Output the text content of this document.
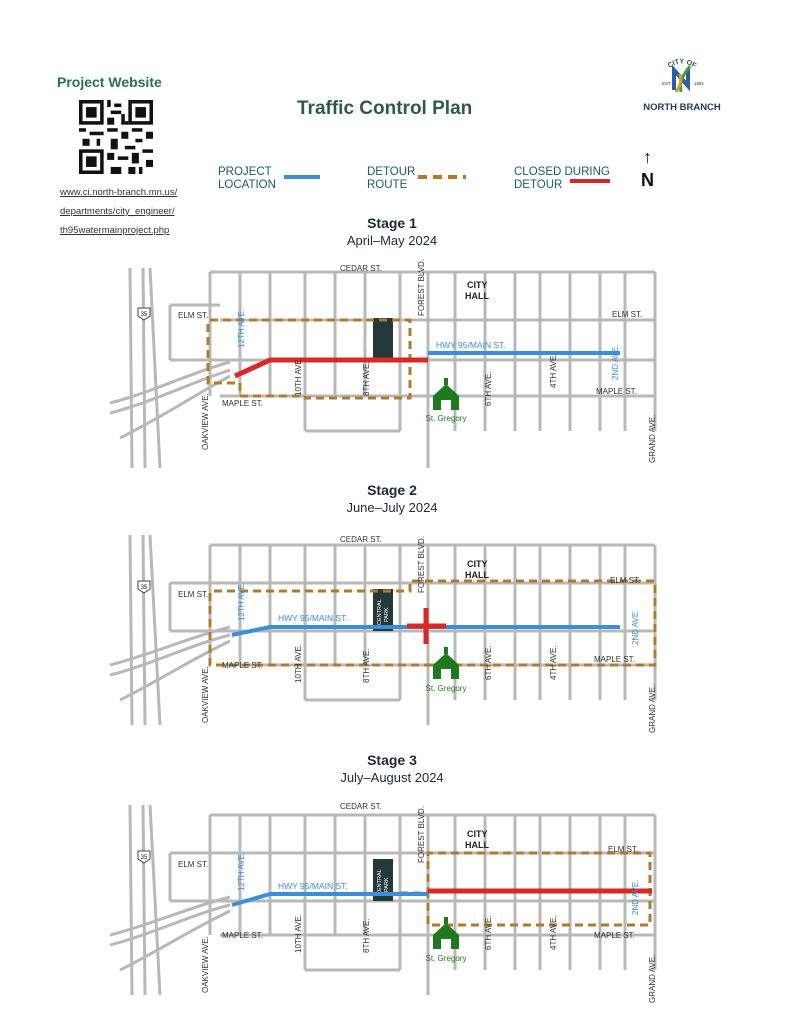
Project Website
www.ci.north-branch.mn.us/
departments/city_engineer/
th95watermainproject.php
Traffic Control Plan
CITY OF
EST.	1881
NORTH BRANCH
PROJECT
LOCATION
DETOUR
ROUTE
CLOSED DURING
DETOUR
↑
N
Stage 1
April–May 2024
Stage 2
June–July 2024
Stage 3
July–August 2024
35
CENTRAL PARK
St. Gregory
CEDAR ST.
ELM ST.	ELM ST.
MAPLE ST.
MAPLE ST.
HWY 95/MAIN ST.
CITY
HALL
OAKVIEW AVE.
12TH AVE.
10TH AVE.	8TH AVE.
FOREST BLVD.
6TH AVE.
4TH AVE.	2ND AVE.
GRAND AVE.
35
CENTRAL PARK
St. Gregory
CEDAR ST.
ELM ST.
ELM ST.
MAPLE ST.
MAPLE ST.
HWY 95/MAIN ST.
CITY
HALL
OAKVIEW AVE.
12TH AVE.
10TH AVE.	8TH AVE.
FOREST BLVD.
6TH AVE.	4TH AVE.
2ND AVE.
GRAND AVE.
35
CENTRAL PARK
St. Gregory
CEDAR ST.
ELM ST.
ELM ST.
MAPLE ST.	MAPLE ST.
HWY 95/MAIN ST.
CITY
HALL
OAKVIEW AVE.
12TH AVE.
10TH AVE.	8TH AVE.
FOREST BLVD.
6TH AVE.	4TH AVE.
2ND AVE.
GRAND AVE.
